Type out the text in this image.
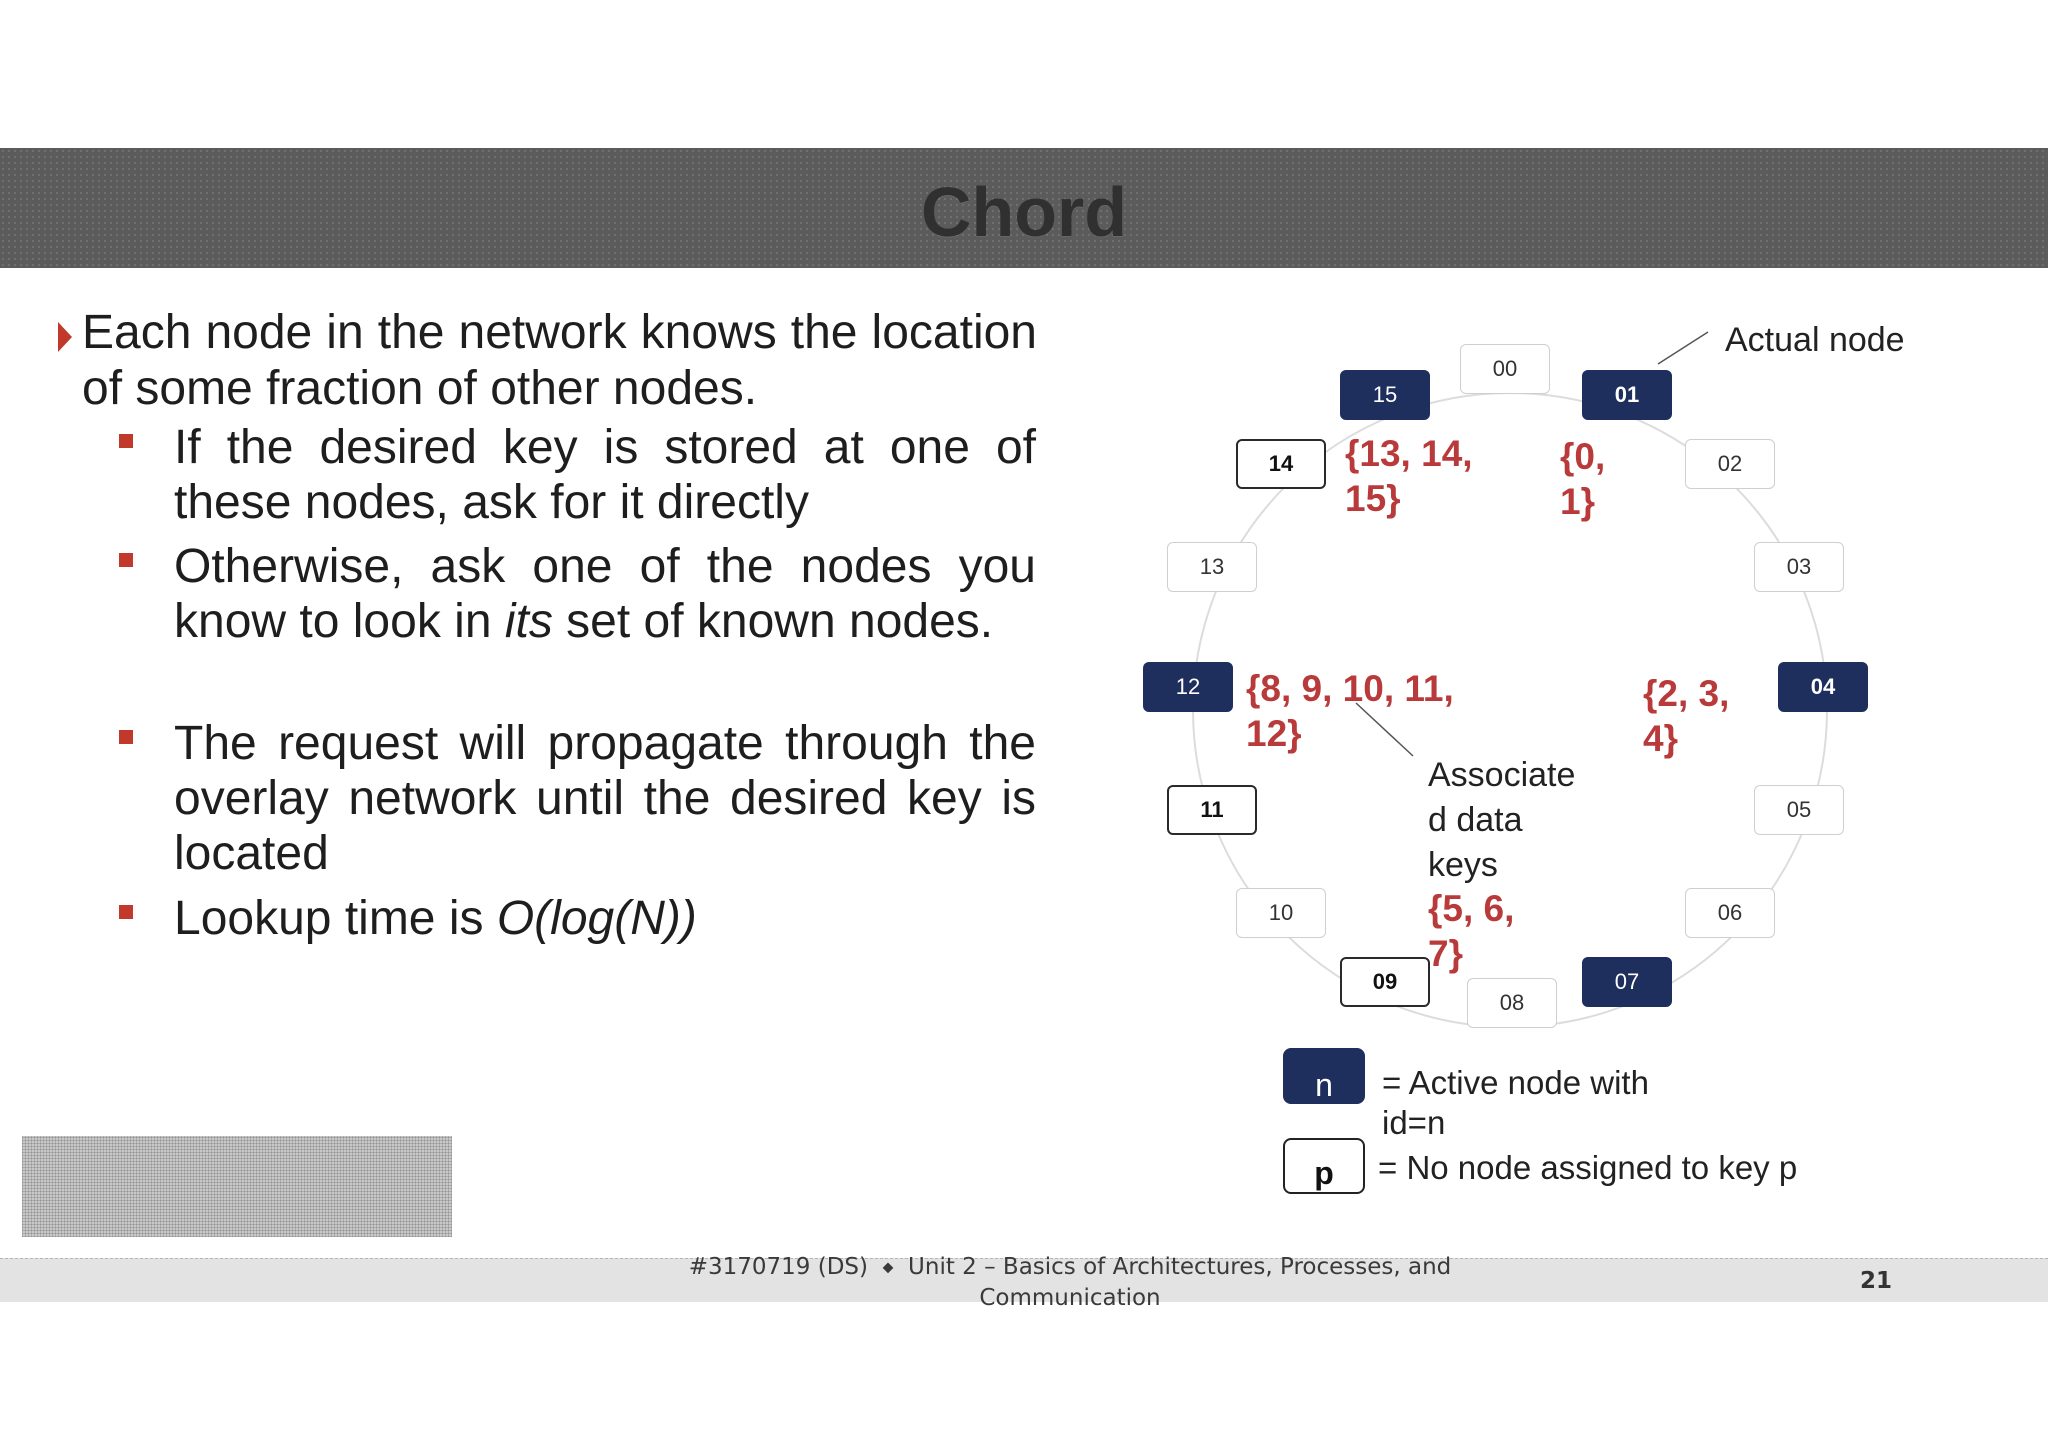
Chord
Each node in the network knows the location of some fraction of other nodes.
If the desired key is stored at one of these nodes, ask for it directly
Otherwise, ask one of the nodes you know to look in its set of known nodes.
The request will propagate through the overlay network until the desired key is located
Lookup time is O(log(N))
00
01
02
03
04
05
06
07
08
09
10
11
12
13
14
15
{13, 14,
15}
{0,
1}
{2, 3,
4}
{8, 9, 10, 11,
12}
Associate
d data
keys
{5, 6,
7}
Actual node
n	= Active node with
id=n
p	= No node assigned to key p
#3170719 (DS) ◆ Unit 2 – Basics of Architectures, Processes, and Communication
21
